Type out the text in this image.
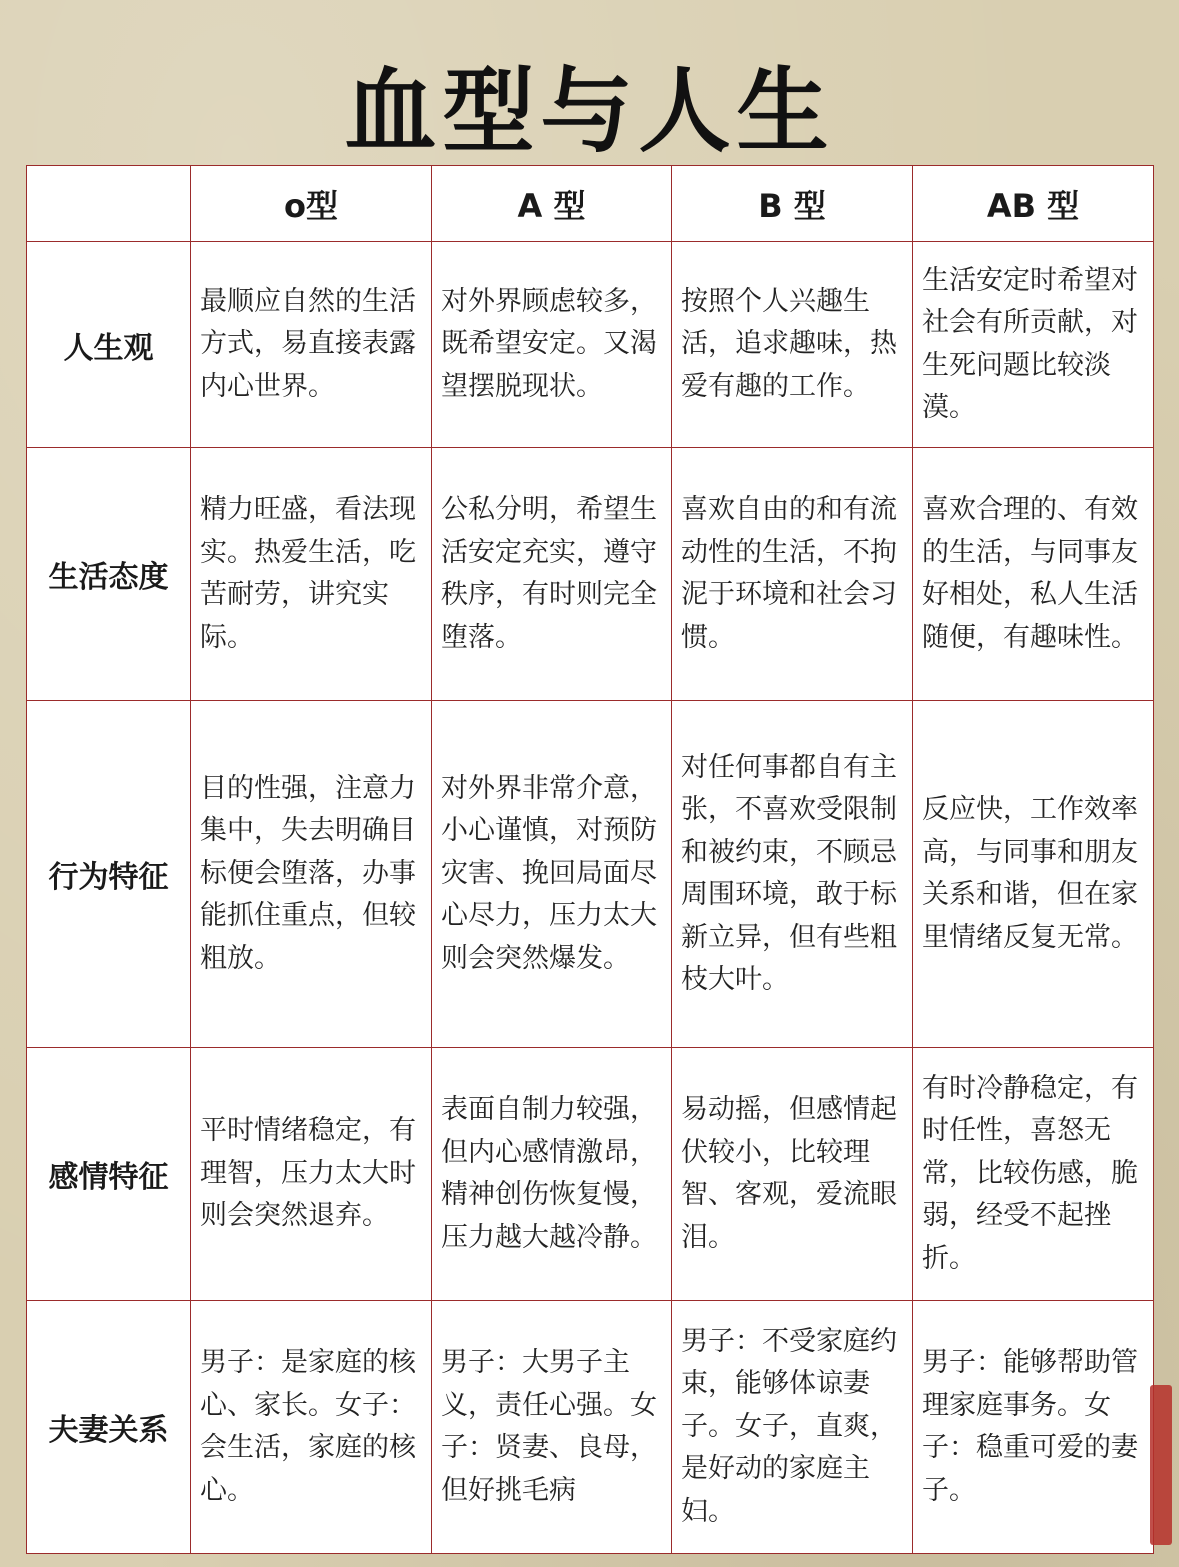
血型与人生
	o型	A 型	B 型	AB 型
人生观	最顺应自然的生活方式，易直接表露内心世界。	对外界顾虑较多，既希望安定。又渴望摆脱现状。	按照个人兴趣生活，追求趣味，热爱有趣的工作。	生活安定时希望对社会有所贡献，对生死问题比较淡漠。
生活态度	精力旺盛，看法现实。热爱生活，吃苦耐劳，讲究实际。	公私分明，希望生活安定充实，遵守秩序，有时则完全堕落。	喜欢自由的和有流动性的生活，不拘泥于环境和社会习惯。	喜欢合理的、有效的生活，与同事友好相处，私人生活随便，有趣味性。
行为特征	目的性强，注意力集中，失去明确目标便会堕落，办事能抓住重点，但较粗放。	对外界非常介意，小心谨慎，对预防灾害、挽回局面尽心尽力，压力太大则会突然爆发。	对任何事都自有主张，不喜欢受限制和被约束，不顾忌周围环境，敢于标新立异，但有些粗枝大叶。	反应快，工作效率高，与同事和朋友关系和谐，但在家里情绪反复无常。
感情特征	平时情绪稳定，有理智，压力太大时则会突然退弃。	表面自制力较强，但内心感情激昂，精神创伤恢复慢，压力越大越冷静。	易动摇，但感情起伏较小，比较理智、客观，爱流眼泪。	有时冷静稳定，有时任性，喜怒无常，比较伤感，脆弱，经受不起挫折。
夫妻关系	男子：是家庭的核心、家长。女子：会生活，家庭的核心。	男子：大男子主义，责任心强。女子：贤妻、良母，但好挑毛病	男子：不受家庭约束，能够体谅妻子。女子，直爽，是好动的家庭主妇。	男子：能够帮助管理家庭事务。女子：稳重可爱的妻子。
